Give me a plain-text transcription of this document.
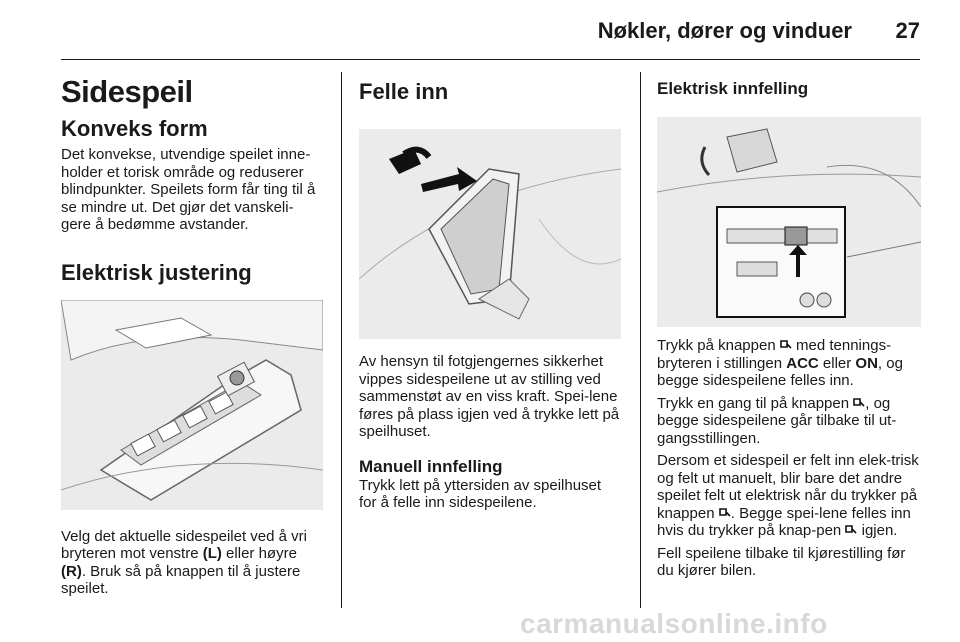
Nøkler, dører og vinduer 27
Sidespeil
Konveks form

Det konvekse, utvendige speilet inne-holder et torisk område og reduserer blindpunkter. Speilets form får ting til å se mindre ut. Det gjør det vanskeli-gere å bedømme avstander.

Elektrisk justering

Velg det aktuelle sidespeilet ved å vri bryteren mot venstre (L) eller høyre (R). Bruk så på knappen til å justere speilet.

Felle inn

Av hensyn til fotgjengernes sikkerhet vippes sidespeilene ut av stilling ved sammenstøt av en viss kraft. Spei-lene føres på plass igjen ved å trykke lett på speilhuset.

Manuell innfelling

Trykk lett på yttersiden av speilhuset for å felle inn sidespeilene.

Elektrisk innfelling

Trykk på knappen  med tennings-bryteren i stillingen ACC eller ON, og begge sidespeilene felles inn.

Trykk en gang til på knappen , og begge sidespeilene går tilbake til ut-gangsstillingen.

Dersom et sidespeil er felt inn elek-trisk og felt ut manuelt, blir bare det andre speilet felt ut elektrisk når du trykker på knappen . Begge spei-lene felles inn hvis du trykker på knap-pen  igjen.

Fell speilene tilbake til kjørestilling før du kjører bilen.

carmanualsonline.info
